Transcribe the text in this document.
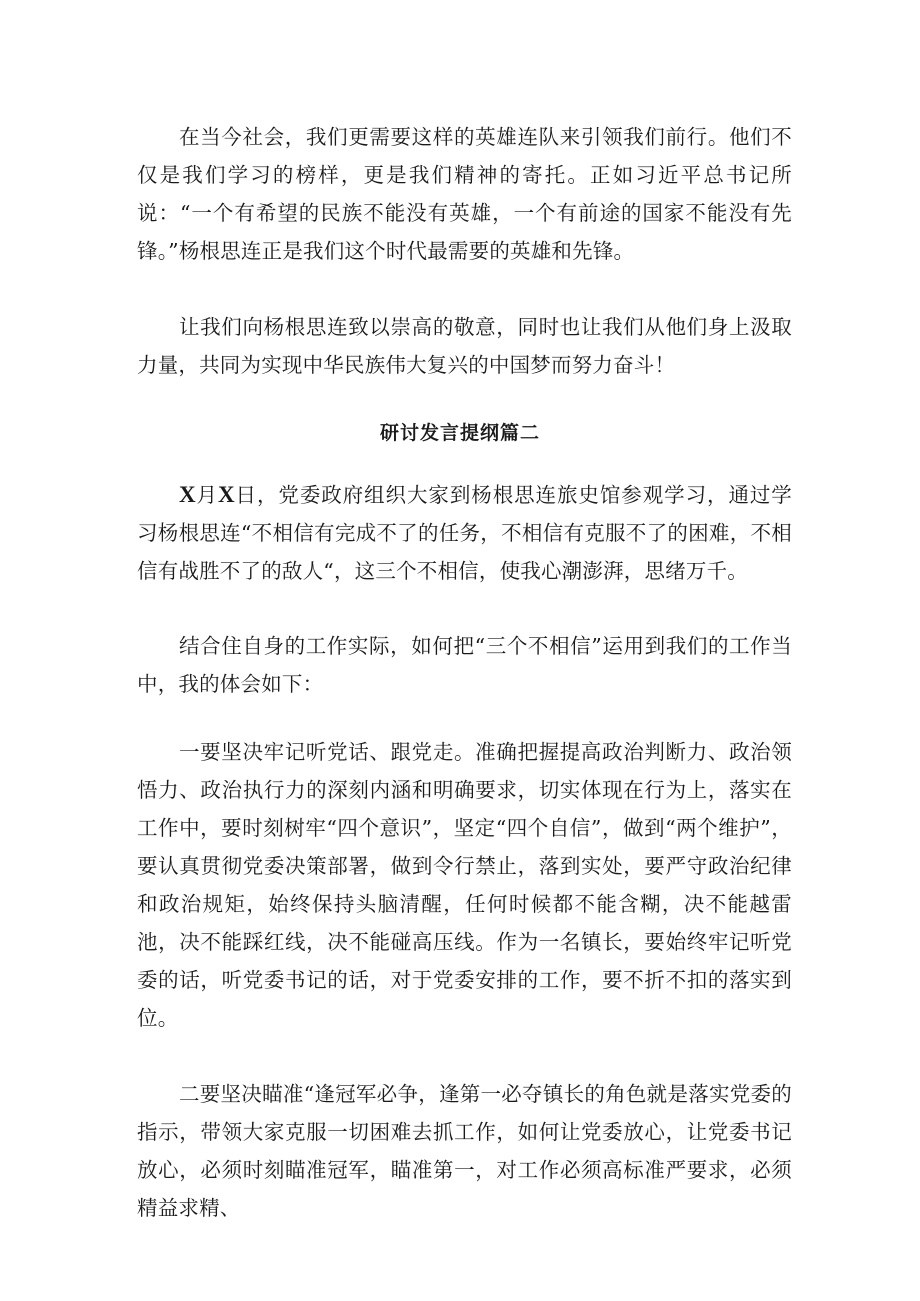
在当今社会，我们更需要这样的英雄连队来引领我们前行。他们不仅是我们学习的榜样，更是我们精神的寄托。正如习近平总书记所说：“一个有希望的民族不能没有英雄，一个有前途的国家不能没有先锋。”杨根思连正是我们这个时代最需要的英雄和先锋。

让我们向杨根思连致以崇高的敬意，同时也让我们从他们身上汲取力量，共同为实现中华民族伟大复兴的中国梦而努力奋斗！

研讨发言提纲篇二

X月X日，党委政府组织大家到杨根思连旅史馆参观学习，通过学习杨根思连“不相信有完成不了的任务，不相信有克服不了的困难，不相信有战胜不了的敌人“，这三个不相信，使我心潮澎湃，思绪万千。

结合住自身的工作实际，如何把“三个不相信”运用到我们的工作当中，我的体会如下：

一要坚决牢记听党话、跟党走。准确把握提高政治判断力、政治领悟力、政治执行力的深刻内涵和明确要求，切实体现在行为上，落实在工作中，要时刻树牢“四个意识”，坚定“四个自信”，做到“两个维护”，要认真贯彻党委决策部署，做到令行禁止，落到实处，要严守政治纪律和政治规矩，始终保持头脑清醒，任何时候都不能含糊，决不能越雷池，决不能踩红线，决不能碰高压线。作为一名镇长，要始终牢记听党委的话，听党委书记的话，对于党委安排的工作，要不折不扣的落实到位。

二要坚决瞄准“逢冠军必争，逢第一必夺镇长的角色就是落实党委的指示，带领大家克服一切困难去抓工作，如何让党委放心，让党委书记放心，必须时刻瞄准冠军，瞄准第一，对工作必须高标准严要求，必须精益求精、
